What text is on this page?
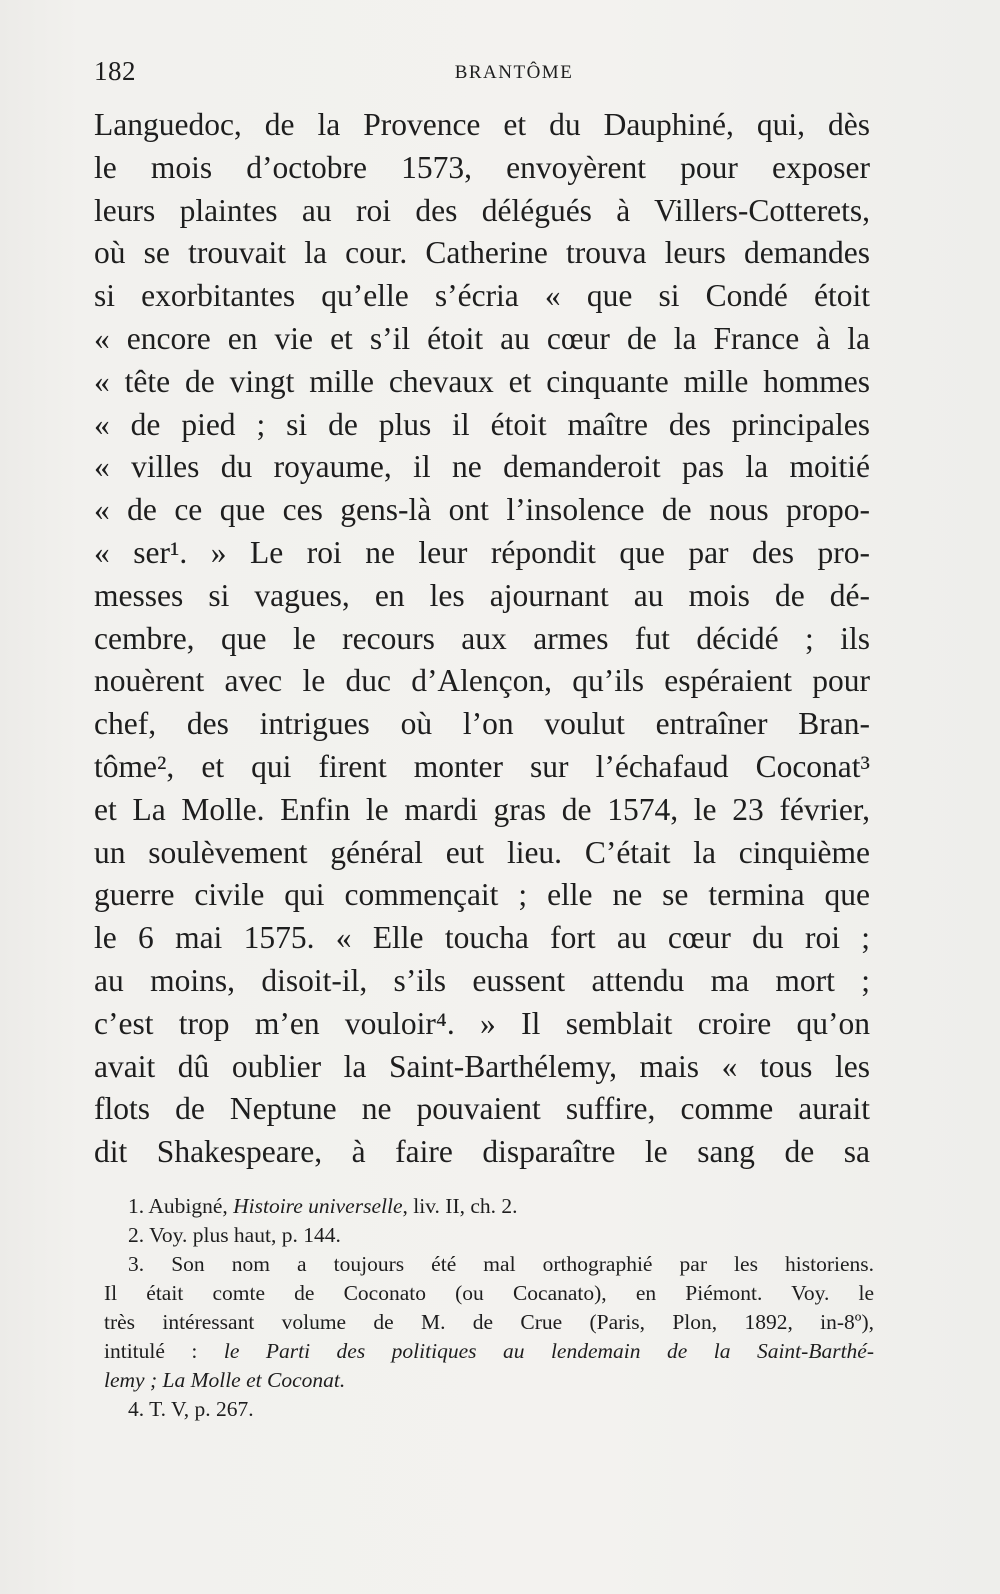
182	BRANTÔME
Languedoc, de la Provence et du Dauphiné, qui, dès
le mois d’octobre 1573, envoyèrent pour exposer
leurs plaintes au roi des délégués à Villers-Cotterets,
où se trouvait la cour. Catherine trouva leurs demandes
si exorbitantes qu’elle s’écria « que si Condé étoit
« encore en vie et s’il étoit au cœur de la France à la
« tête de vingt mille chevaux et cinquante mille hommes
« de pied ; si de plus il étoit maître des principales
« villes du royaume, il ne demanderoit pas la moitié
« de ce que ces gens-là ont l’insolence de nous propo-
« ser¹. » Le roi ne leur répondit que par des pro-
messes si vagues, en les ajournant au mois de dé-
cembre, que le recours aux armes fut décidé ; ils
nouèrent avec le duc d’Alençon, qu’ils espéraient pour
chef, des intrigues où l’on voulut entraîner Bran-
tôme², et qui firent monter sur l’échafaud Coconat³
et La Molle. Enfin le mardi gras de 1574, le 23 février,
un soulèvement général eut lieu. C’était la cinquième
guerre civile qui commençait ; elle ne se termina que
le 6 mai 1575. « Elle toucha fort au cœur du roi ;
au moins, disoit-il, s’ils eussent attendu ma mort ;
c’est trop m’en vouloir⁴. » Il semblait croire qu’on
avait dû oublier la Saint-Barthélemy, mais « tous les
flots de Neptune ne pouvaient suffire, comme aurait
dit Shakespeare, à faire disparaître le sang de sa
1. Aubigné, Histoire universelle, liv. II, ch. 2.
2. Voy. plus haut, p. 144.
3. Son nom a toujours été mal orthographié par les historiens.
Il était comte de Coconato (ou Cocanato), en Piémont. Voy. le
très intéressant volume de M. de Crue (Paris, Plon, 1892, in-8º),
intitulé : le Parti des politiques au lendemain de la Saint-Barthé-
lemy ; La Molle et Coconat.
4. T. V, p. 267.
